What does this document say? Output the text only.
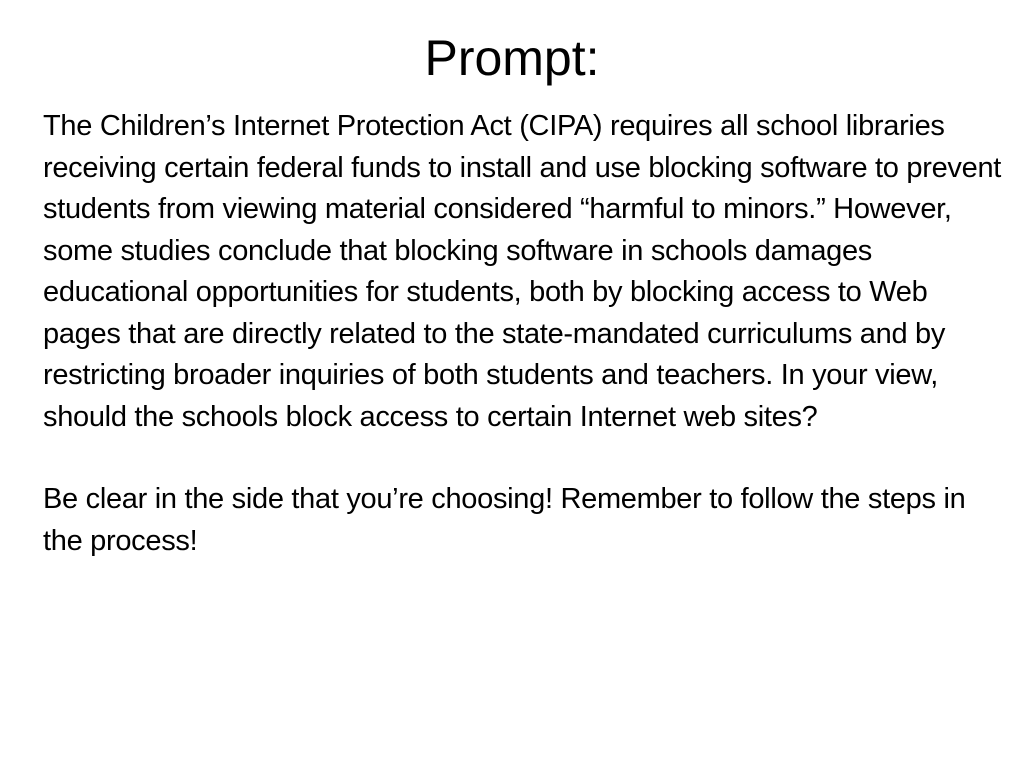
Prompt:

The Children’s Internet Protection Act (CIPA) requires all school libraries receiving certain federal funds to install and use blocking software to prevent students from viewing material considered “harmful to minors.” However, some studies conclude that blocking software in schools damages educational opportunities for students, both by blocking access to Web pages that are directly related to the state-mandated curriculums and by restricting broader inquiries of both students and teachers. In your view, should the schools block access to certain Internet web sites?

Be clear in the side that you’re choosing! Remember to follow the steps in the process!
